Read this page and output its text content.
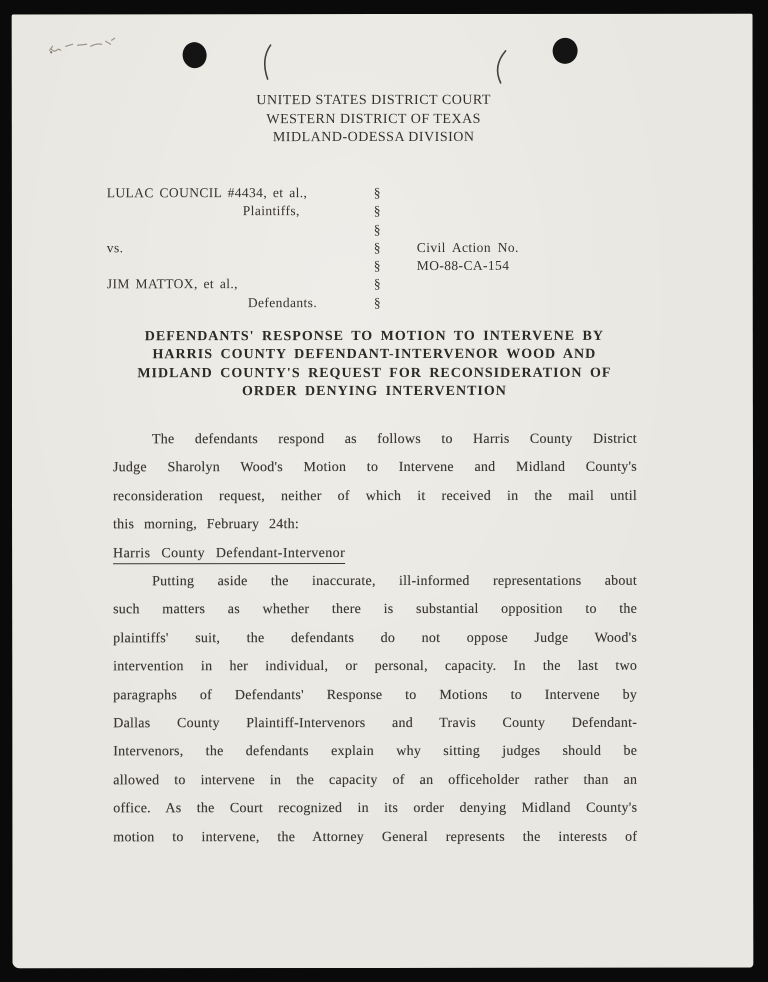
UNITED STATES DISTRICT COURT
WESTERN DISTRICT OF TEXAS
MIDLAND-ODESSA DIVISION
LULAC COUNCIL #4434, et al.,	§
Plaintiffs,	§
§
vs.	§	Civil Action No.
§	MO-88-CA-154
JIM MATTOX, et al.,	§
Defendants.	§
DEFENDANTS' RESPONSE TO MOTION TO INTERVENE BY
HARRIS COUNTY DEFENDANT-INTERVENOR WOOD AND
MIDLAND COUNTY'S REQUEST FOR RECONSIDERATION OF
ORDER DENYING INTERVENTION
The defendants respond as follows to Harris County District
Judge Sharolyn Wood's Motion to Intervene and Midland County's
reconsideration request, neither of which it received in the mail until
this morning, February 24th:
Harris County Defendant-Intervenor
Putting aside the inaccurate, ill-informed representations about
such matters as whether there is substantial opposition to the
plaintiffs' suit, the defendants do not oppose Judge Wood's
intervention in her individual, or personal, capacity. In the last two
paragraphs of Defendants' Response to Motions to Intervene by
Dallas County Plaintiff-Intervenors and Travis County Defendant-
Intervenors, the defendants explain why sitting judges should be
allowed to intervene in the capacity of an officeholder rather than an
office. As the Court recognized in its order denying Midland County's
motion to intervene, the Attorney General represents the interests of
